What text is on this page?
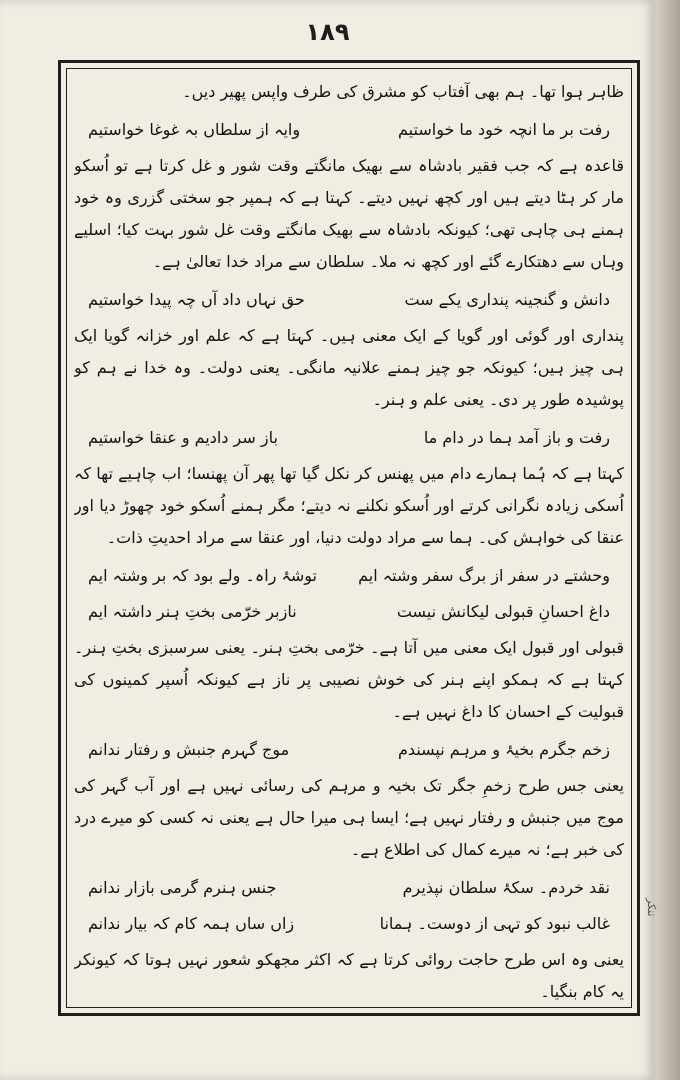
۱۸۹

ظاہر ہوا تھا۔ ہم بھی آفتاب کو مشرق کی طرف واپس پھیر دیں۔

رفت بر ما انچہ خود ما خواستیم
وایہ از سلطاں بہ غوغا خواستیم

قاعدہ ہے کہ جب فقیر بادشاہ سے بھیک مانگتے وقت شور و غل کرتا ہے تو اُسکو مار کر ہٹا دیتے ہیں اور کچھ نہیں دیتے۔ کہتا ہے کہ ہمپر جو سختی گزری وہ خود ہمنے ہی چاہی تھی؛ کیونکہ بادشاہ سے بھیک مانگتے وقت غل شور بہت کیا؛ اسلیے وہاں سے دھتکارے گئے اور کچھ نہ ملا۔ سلطان سے مراد خدا تعالیٰ ہے۔

دانش و گنجینہ پنداری یکے ست
حق نہاں داد آں چہ پیدا خواستیم

پنداری اور گوئی اور گویا کے ایک معنی ہیں۔ کہتا ہے کہ علم اور خزانہ گویا ایک ہی چیز ہیں؛ کیونکہ جو چیز ہمنے علانیہ مانگی۔ یعنی دولت۔ وہ خدا نے ہم کو پوشیدہ طور پر دی۔ یعنی علم و ہنر۔

رفت و باز آمد ہما در دام ما
باز سر دادیم و عنقا خواستیم

کہتا ہے کہ ہُما ہمارے دام میں پھنس کر نکل گیا تھا پھر آن پھنسا؛ اب چاہیے تھا کہ اُسکی زیادہ نگرانی کرتے اور اُسکو نکلنے نہ دیتے؛ مگر ہمنے اُسکو خود چھوڑ دیا اور عنقا کی خواہش کی۔ ہما سے مراد دولت دنیا، اور عنقا سے مراد احدیتِ ذات۔

وحشتے در سفر از برگ سفر وشتہ ایم
توشۂ راہ۔ ولے بود کہ بر وشتہ ایم
داغ احسانِ قبولی لیکانش نیست
نازبر خرّمی بختِ ہنر داشتہ ایم

قبولی اور قبول ایک معنی میں آتا ہے۔ خرّمی بختِ ہنر۔ یعنی سرسبزی بختِ ہنر۔ کہتا ہے کہ ہمکو اپنے ہنر کی خوش نصیبی پر ناز ہے کیونکہ اُسپر کمینوں کی قبولیت کے احسان کا داغ نہیں ہے۔

زخم جگرم بخیۂ و مرہم نپسندم
موج گہرم جنبش و رفتار ندانم

یعنی جس طرح زخمِ جگر تک بخیہ و مرہم کی رسائی نہیں ہے اور آب گہر کی موج میں جنبش و رفتار نہیں ہے؛ ایسا ہی میرا حال ہے یعنی نہ کسی کو میرے درد کی خبر ہے؛ نہ میرے کمال کی اطلاع ہے۔

نقد خردم۔ سکۂ سلطان نپذیرم
جنس ہنرم گرمی بازار ندانم
غالب نبود کو تہی از دوست۔ ہمانا
زاں ساں ہمہ کام کہ بیار ندانم

یعنی وہ اس طرح حاجت روائی کرتا ہے کہ اکثر مجھکو شعور نہیں ہوتا کہ کیونکر یہ کام بنگیا۔

تنکر
